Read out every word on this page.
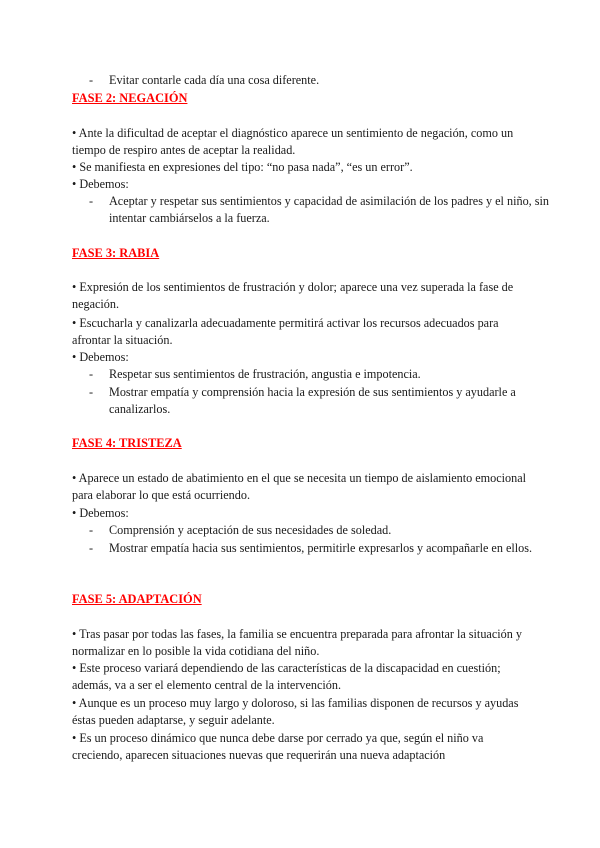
- Evitar contarle cada día una cosa diferente.
FASE 2: NEGACIÓN
• Ante la dificultad de aceptar el diagnóstico aparece un sentimiento de negación, como un tiempo de respiro antes de aceptar la realidad.
• Se manifiesta en expresiones del tipo: “no pasa nada”, “es un error”.
• Debemos:
- Aceptar y respetar sus sentimientos y capacidad de asimilación de los padres y el niño, sin intentar cambiárselos a la fuerza.
FASE 3: RABIA
• Expresión de los sentimientos de frustración y dolor; aparece una vez superada la fase de negación.
• Escucharla y canalizarla adecuadamente permitirá activar los recursos adecuados para afrontar la situación.
• Debemos:
- Respetar sus sentimientos de frustración, angustia e impotencia.
- Mostrar empatía y comprensión hacia la expresión de sus sentimientos y ayudarle a canalizarlos.
FASE 4: TRISTEZA
• Aparece un estado de abatimiento en el que se necesita un tiempo de aislamiento emocional para elaborar lo que está ocurriendo.
• Debemos:
- Comprensión y aceptación de sus necesidades de soledad.
- Mostrar empatía hacia sus sentimientos, permitirle expresarlos y acompañarle en ellos.
FASE 5: ADAPTACIÓN
• Tras pasar por todas las fases, la familia se encuentra preparada para afrontar la situación y normalizar en lo posible la vida cotidiana del niño.
• Este proceso variará dependiendo de las características de la discapacidad en cuestión; además, va a ser el elemento central de la intervención.
• Aunque es un proceso muy largo y doloroso, si las familias disponen de recursos y ayudas éstas pueden adaptarse, y seguir adelante.
• Es un proceso dinámico que nunca debe darse por cerrado ya que, según el niño va creciendo, aparecen situaciones nuevas que requerirán una nueva adaptación
